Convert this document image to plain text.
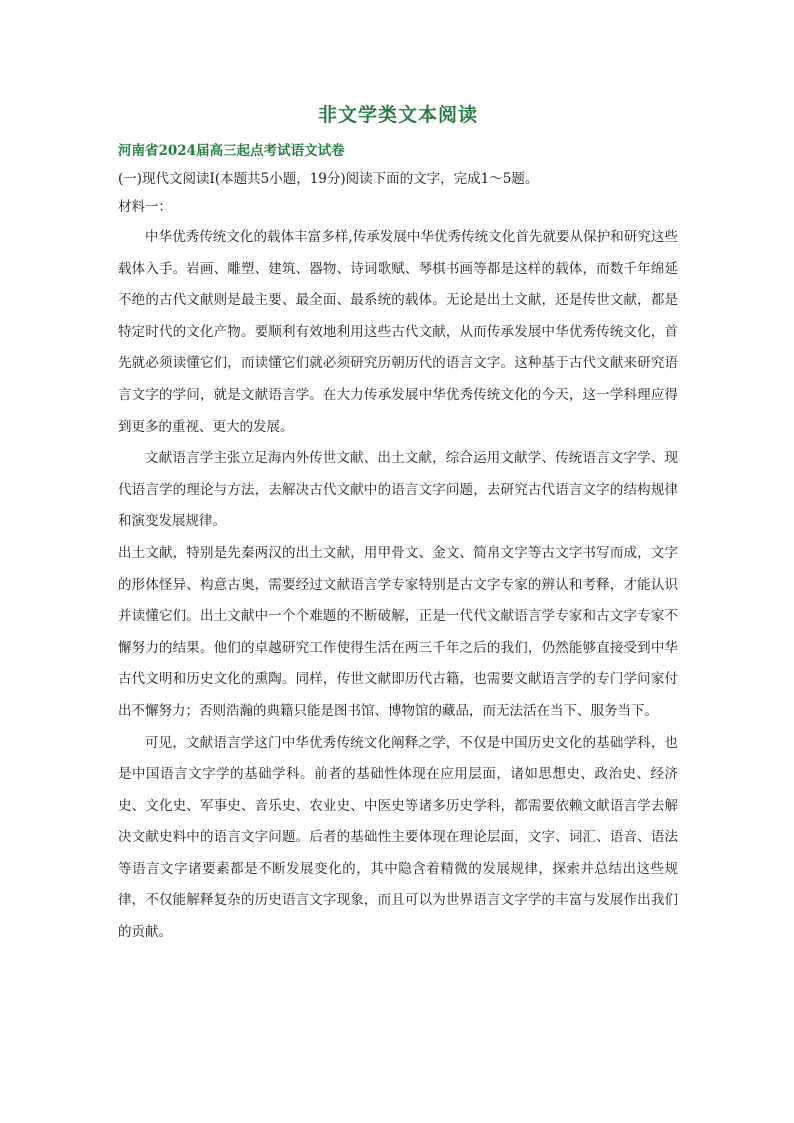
非文学类文本阅读
河南省2024届高三起点考试语文试卷
(一)现代文阅读Ⅰ(本题共5小题，19分)阅读下面的文字，完成1～5题。
材料一：

中华优秀传统文化的载体丰富多样,传承发展中华优秀传统文化首先就要从保护和研究这些载体入手。岩画、雕塑、建筑、器物、诗词歌赋、琴棋书画等都是这样的载体，而数千年绵延不绝的古代文献则是最主要、最全面、最系统的载体。无论是出土文献，还是传世文献，都是特定时代的文化产物。要顺利有效地利用这些古代文献，从而传承发展中华优秀传统文化，首先就必须读懂它们，而读懂它们就必须研究历朝历代的语言文字。这种基于古代文献来研究语言文字的学问，就是文献语言学。在大力传承发展中华优秀传统文化的今天，这一学科理应得到更多的重视、更大的发展。

文献语言学主张立足海内外传世文献、出土文献，综合运用文献学、传统语言文字学、现代语言学的理论与方法，去解决古代文献中的语言文字问题，去研究古代语言文字的结构规律和演变发展规律。

出土文献，特别是先秦两汉的出土文献，用甲骨文、金文、简帛文字等古文字书写而成，文字的形体怪异、构意古奥，需要经过文献语言学专家特别是古文字专家的辨认和考释，才能认识并读懂它们。出土文献中一个个难题的不断破解，正是一代代文献语言学专家和古文字专家不懈努力的结果。他们的卓越研究工作使得生活在两三千年之后的我们，仍然能够直接受到中华古代文明和历史文化的熏陶。同样，传世文献即历代古籍，也需要文献语言学的专门学问家付出不懈努力；否则浩瀚的典籍只能是图书馆、博物馆的藏品，而无法活在当下、服务当下。

可见，文献语言学这门中华优秀传统文化阐释之学，不仅是中国历史文化的基础学科，也是中国语言文字学的基础学科。前者的基础性体现在应用层面，诸如思想史、政治史、经济史、文化史、军事史、音乐史、农业史、中医史等诸多历史学科，都需要依赖文献语言学去解决文献史料中的语言文字问题。后者的基础性主要体现在理论层面，文字、词汇、语音、语法等语言文字诸要素都是不断发展变化的，其中隐含着精微的发展规律，探索并总结出这些规律，不仅能解释复杂的历史语言文字现象，而且可以为世界语言文字学的丰富与发展作出我们的贡献。
